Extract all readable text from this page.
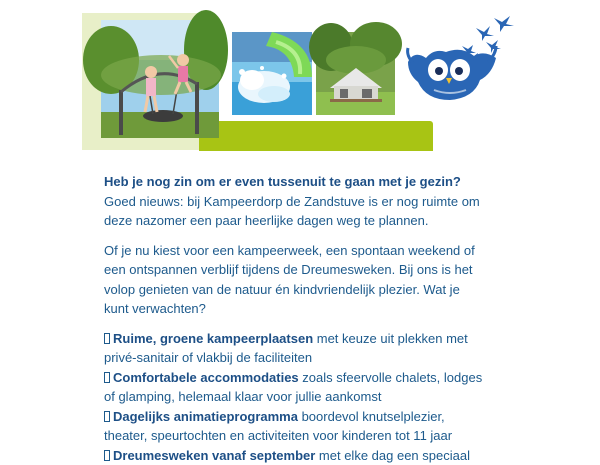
Heb je nog zin om er even tussenuit te gaan met je gezin? Goed nieuws: bij Kampeerdorp de Zandstuve is er nog ruimte om deze nazomer een paar heerlijke dagen weg te plannen.

Of je nu kiest voor een kampeerweek, een spontaan weekend of een ontspannen verblijf tijdens de Dreumesweken. Bij ons is het volop genieten van de natuur én kindvriendelijk plezier. Wat je kunt verwachten?

Ruime, groene kampeerplaatsen met keuze uit plekken met privé-sanitair of vlakbij de faciliteiten
Comfortabele accommodaties zoals sfeervolle chalets, lodges of glamping, helemaal klaar voor jullie aankomst
Dagelijks animatieprogramma boordevol knutselplezier, theater, speurtochten en activiteiten voor kinderen tot 11 jaar
Dreumesweken vanaf september met elke dag een speciaal
